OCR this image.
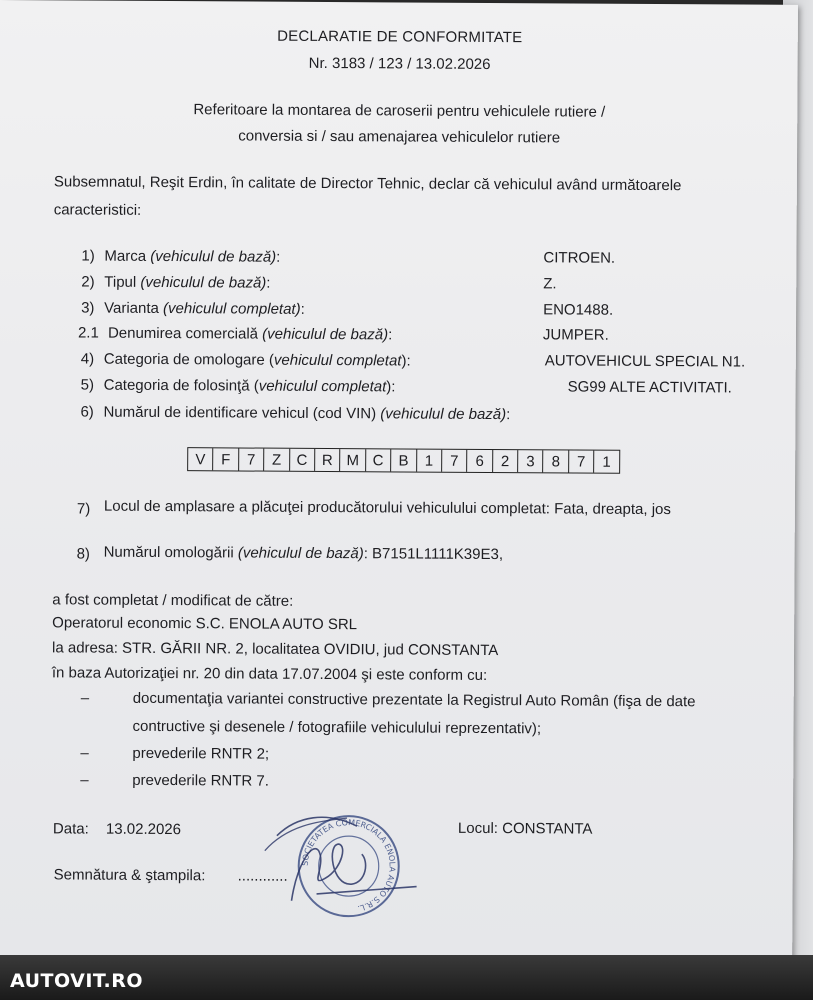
DECLARATIE DE CONFORMITATE
Nr. 3183 / 123 / 13.02.2026
Referitoare la montarea de caroserii pentru vehiculele rutiere /
conversia si / sau amenajarea vehiculelor rutiere
Subsemnatul, Reşit Erdin, în calitate de Director Tehnic, declar că vehiculul având următoarele
caracteristici:
1) Marca (vehiculul de bază):	CITROEN.
2) Tipul (vehiculul de bază):	Z.
3) Varianta (vehiculul completat):	ENO1488.
2.1 Denumirea comercială (vehiculul de bază):	JUMPER.
4) Categoria de omologare (vehiculul completat):	AUTOVEHICUL SPECIAL N1.
5) Categoria de folosinţă (vehiculul completat):	SG99 ALTE ACTIVITATI.
6) Numărul de identificare vehicul (cod VIN) (vehiculul de bază):
V	F	7	Z	C R M C B	1	7	6	2	3	8	7	1
7) Locul de amplasare a plăcuţei producătorului vehiculului completat: Fata, dreapta, jos
8) Numărul omologării (vehiculul de bază): B7151L1111K39E3,
a fost completat / modificat de către:
Operatorul economic S.C. ENOLA AUTO SRL
la adresa: STR. GĂRII NR. 2, localitatea OVIDIU, jud CONSTANTA
în baza Autorizaţiei nr. 20 din data 17.07.2004 şi este conform cu:
–	documentaţia variantei constructive prezentate la Registrul Auto Român (fişa de date
contructive şi desenele / fotografiile vehiculului reprezentativ);
–	prevederile RNTR 2;
–	prevederile RNTR 7.
Data: 13.02.2026	Locul: CONSTANTA
Semnătura & ştampila: ............
SOCIETATEA COMERCIALA ENOLA AUTO S.R.L.
AUTOVIT.RO
